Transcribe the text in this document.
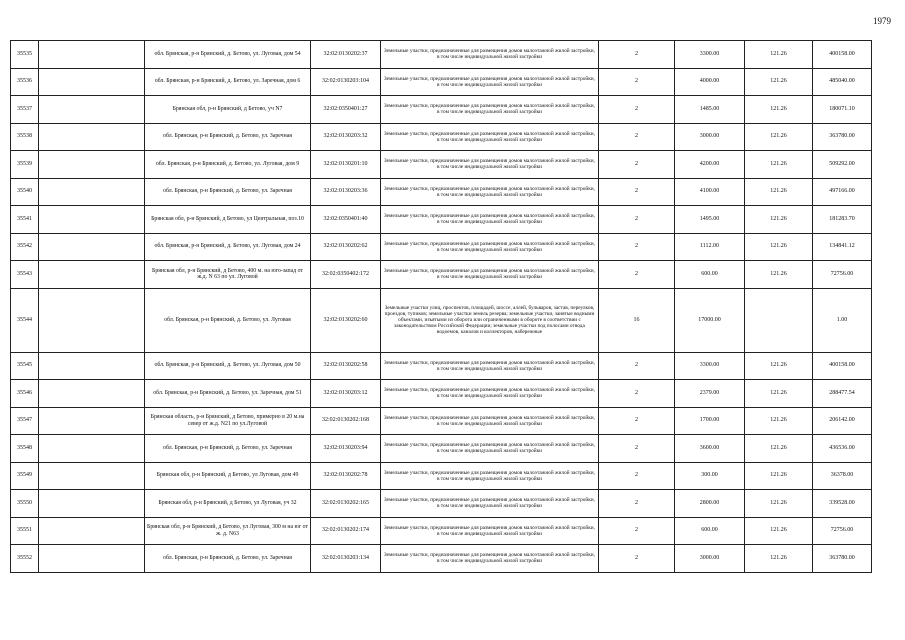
1979
35535		обл. Брянская, р-н Брянский, д. Бетово, ул. Луговая, дом 54	32:02:0130202:37	Земельные участки, предназначенные для размещения домов малоэтажной жилой застройки, в том числе индивидуальной жилой застройки	2	3300.00	121.26	400158.00
35536		обл. Брянская, р-н Брянский, д. Бетово, ул. Заречная, дом 6	32:02:0130203:104	Земельные участки, предназначенные для размещения домов малоэтажной жилой застройки, в том числе индивидуальной жилой застройки	2	4000.00	121.26	485040.00
35537		Брянская обл, р-н Брянский, д Бетово, уч N7	32:02:0350401:27	Земельные участки, предназначенные для размещения домов малоэтажной жилой застройки, в том числе индивидуальной жилой застройки	2	1485.00	121.26	180071.10
35538		обл. Брянская, р-н Брянский, д. Бетово, ул. Заречная	32:02:0130203:32	Земельные участки, предназначенные для размещения домов малоэтажной жилой застройки, в том числе индивидуальной жилой застройки	2	3000.00	121.26	363780.00
35539		обл. Брянская, р-н Брянский, д. Бетово, ул. Луговая, дом 9	32:02:0130201:10	Земельные участки, предназначенные для размещения домов малоэтажной жилой застройки, в том числе индивидуальной жилой застройки	2	4200.00	121.26	509292.00
35540		обл. Брянская, р-н Брянский, д. Бетово, ул. Заречная	32:02:0130203:36	Земельные участки, предназначенные для размещения домов малоэтажной жилой застройки, в том числе индивидуальной жилой застройки	2	4100.00	121.26	497166.00
35541		Брянская обл, р-н Брянский, д Бетово, ул Центральная, поз.10	32:02:0350401:40	Земельные участки, предназначенные для размещения домов малоэтажной жилой застройки, в том числе индивидуальной жилой застройки	2	1495.00	121.26	181283.70
35542		обл. Брянская, р-н Брянский, д. Бетово, ул. Луговая, дом 24	32:02:0130202:62	Земельные участки, предназначенные для размещения домов малоэтажной жилой застройки, в том числе индивидуальной жилой застройки	2	1112.00	121.26	134841.12
35543		Брянская обл, р-н Брянский, д Бетово, 400 м. на юго-запад от ж.д. N 63 по ул. Луговой	32:02:0350402:172	Земельные участки, предназначенные для размещения домов малоэтажной жилой застройки, в том числе индивидуальной жилой застройки	2	600.00	121.26	72756.00
35544		обл. Брянская, р-н Брянский, д. Бетово, ул. Луговая	32:02:0130202:60	Земельные участки улиц, проспектов, площадей, шоссе, аллей, бульваров, застав, переулков, проездов, тупиков; земельные участки земель резерва; земельные участки, занятые водными объектами, изъятыми из оборота или ограниченными в обороте в соответствии с законодательством Российской Федерации; земельные участки под полосами отвода водоемов, каналов и коллекторов, набережные	16	17000.00		1.00
35545		обл. Брянская, р-н Брянский, д. Бетово, ул. Луговая, дом 50	32:02:0130202:58	Земельные участки, предназначенные для размещения домов малоэтажной жилой застройки, в том числе индивидуальной жилой застройки	2	3300.00	121.26	400158.00
35546		обл. Брянская, р-н Брянский, д. Бетово, ул. Заречная, дом 51	32:02:0130203:12	Земельные участки, предназначенные для размещения домов малоэтажной жилой застройки, в том числе индивидуальной жилой застройки	2	2379.00	121.26	288477.54
35547		Брянская область, р-н Брянский, д Бетово, примерно в 20 м.на север от ж.д. N21 по ул.Луговой	32:02:0130202:168	Земельные участки, предназначенные для размещения домов малоэтажной жилой застройки, в том числе индивидуальной жилой застройки	2	1700.00	121.26	206142.00
35548		обл. Брянская, р-н Брянский, д. Бетово, ул. Заречная	32:02:0130203:94	Земельные участки, предназначенные для размещения домов малоэтажной жилой застройки, в том числе индивидуальной жилой застройки	2	3600.00	121.26	436536.00
35549		Брянская обл, р-н Брянский, д Бетово, ул Луговая, дом 49	32:02:0130202:78	Земельные участки, предназначенные для размещения домов малоэтажной жилой застройки, в том числе индивидуальной жилой застройки	2	300.00	121.26	36378.00
35550		Брянская обл, р-н Брянский, д Бетово, ул Луговая, уч 32	32:02:0130202:165	Земельные участки, предназначенные для размещения домов малоэтажной жилой застройки, в том числе индивидуальной жилой застройки	2	2800.00	121.26	339528.00
35551		Брянская обл, р-н Брянский, д Бетово, ул Луговая, 300 м на юг от ж. д. N63	32:02:0130202:174	Земельные участки, предназначенные для размещения домов малоэтажной жилой застройки, в том числе индивидуальной жилой застройки	2	600.00	121.26	72756.00
35552		обл. Брянская, р-н Брянский, д. Бетово, ул. Заречная	32:02:0130203:134	Земельные участки, предназначенные для размещения домов малоэтажной жилой застройки, в том числе индивидуальной жилой застройки	2	3000.00	121.26	363780.00
